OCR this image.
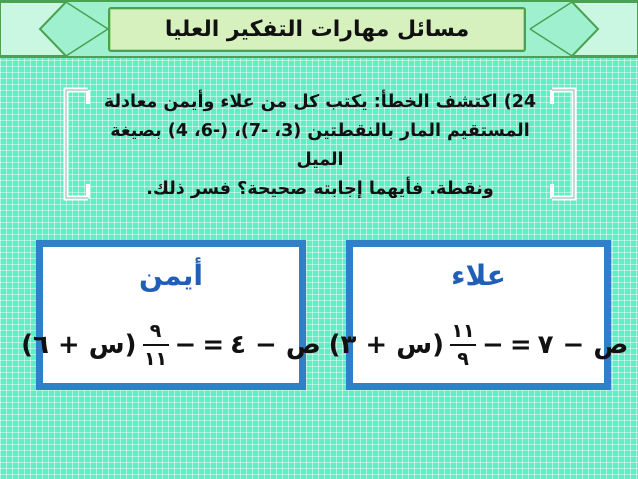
مسائل مهارات التفكير العليا
24) اكتشف الخطأ: يكتب كل من علاء وأيمن معادلة
المستقيم المار بالنقطتين (3، -7)، (-6، 4) بصيغة الميل
ونقطة. فأيهما إجابته صحيحة؟ فسر ذلك.
أيمن
ص − ٤
=
−
$\frac{٩}{١١}$
(س + ٦)
علاء
ص − ٧
=
−
$\frac{١١}{٩}$
(س + ٣)
